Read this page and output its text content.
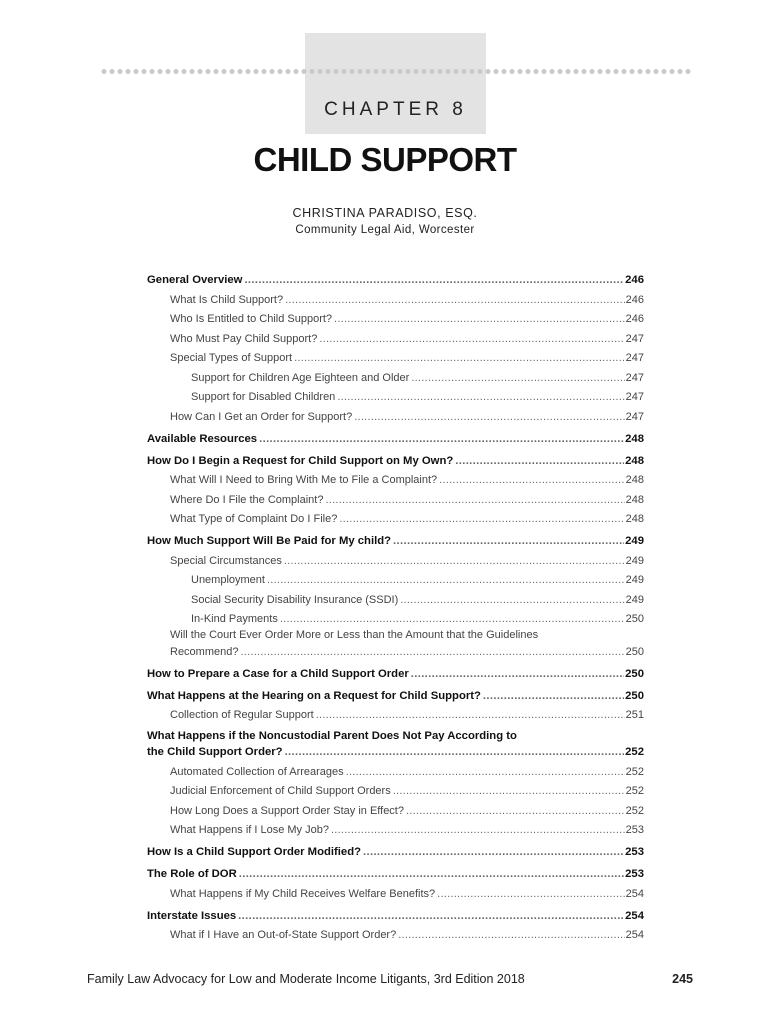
CHAPTER 8
CHILD SUPPORT
CHRISTINA PARADISO, ESQ.
Community Legal Aid, Worcester
General Overview . . .	246
What Is Child Support? . . .	246
Who Is Entitled to Child Support? . . .	246
Who Must Pay Child Support? . . .	247
Special Types of Support . . .	247
Support for Children Age Eighteen and Older . . .	247
Support for Disabled Children . . .	247
How Can I Get an Order for Support? . . .	247
Available Resources . . .	248
How Do I Begin a Request for Child Support on My Own? . . .	248
What Will I Need to Bring With Me to File a Complaint? . . .	248
Where Do I File the Complaint? . . .	248
What Type of Complaint Do I File? . . .	248
How Much Support Will Be Paid for My child? . . .	249
Special Circumstances . . .	249
Unemployment . . .	249
Social Security Disability Insurance (SSDI) . . .	249
In-Kind Payments . . .	250
Will the Court Ever Order More or Less than the Amount that the Guidelines
Recommend? . . .	250
How to Prepare a Case for a Child Support Order . . .	250
What Happens at the Hearing on a Request for Child Support? . . .	250
Collection of Regular Support . . .	251
What Happens if the Noncustodial Parent Does Not Pay According to
the Child Support Order? . . .	252
Automated Collection of Arrearages . . .	252
Judicial Enforcement of Child Support Orders . . .	252
How Long Does a Support Order Stay in Effect? . . .	252
What Happens if I Lose My Job? . . .	253
How Is a Child Support Order Modified? . . .	253
The Role of DOR . . .	253
What Happens if My Child Receives Welfare Benefits? . . .	254
Interstate Issues . . .	254
What if I Have an Out-of-State Support Order? . . .	254
Family Law Advocacy for Low and Moderate Income Litigants, 3rd Edition 2018	245
